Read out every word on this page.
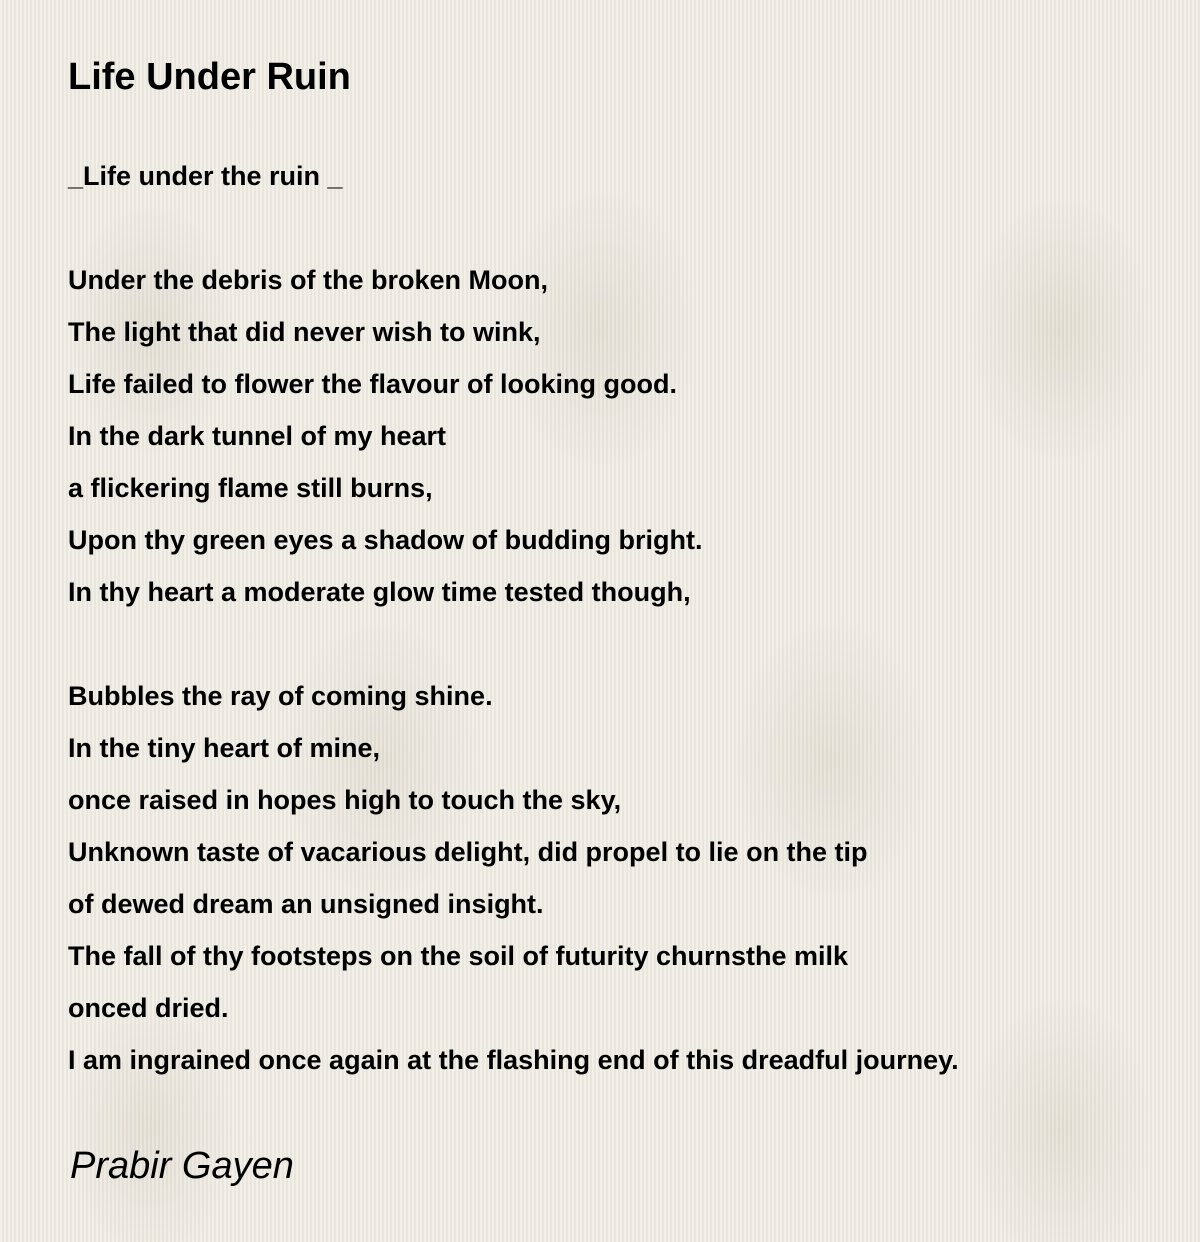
Life Under Ruin
_Life under the ruin _
Under the debris of the broken Moon,
The light that did never wish to wink,
Life failed to flower the flavour of looking good.
In the dark tunnel of my heart
a flickering flame still burns,
Upon thy green eyes a shadow of budding bright.
In thy heart a moderate glow time tested though,
Bubbles the ray of coming shine.
In the tiny heart of mine,
once raised in hopes high to touch the sky,
Unknown taste of vacarious delight, did propel to lie on the tip
of dewed dream an unsigned insight.
The fall of thy footsteps on the soil of futurity churnsthe milk
onced dried.
I am ingrained once again at the flashing end of this dreadful journey.
Prabir Gayen
